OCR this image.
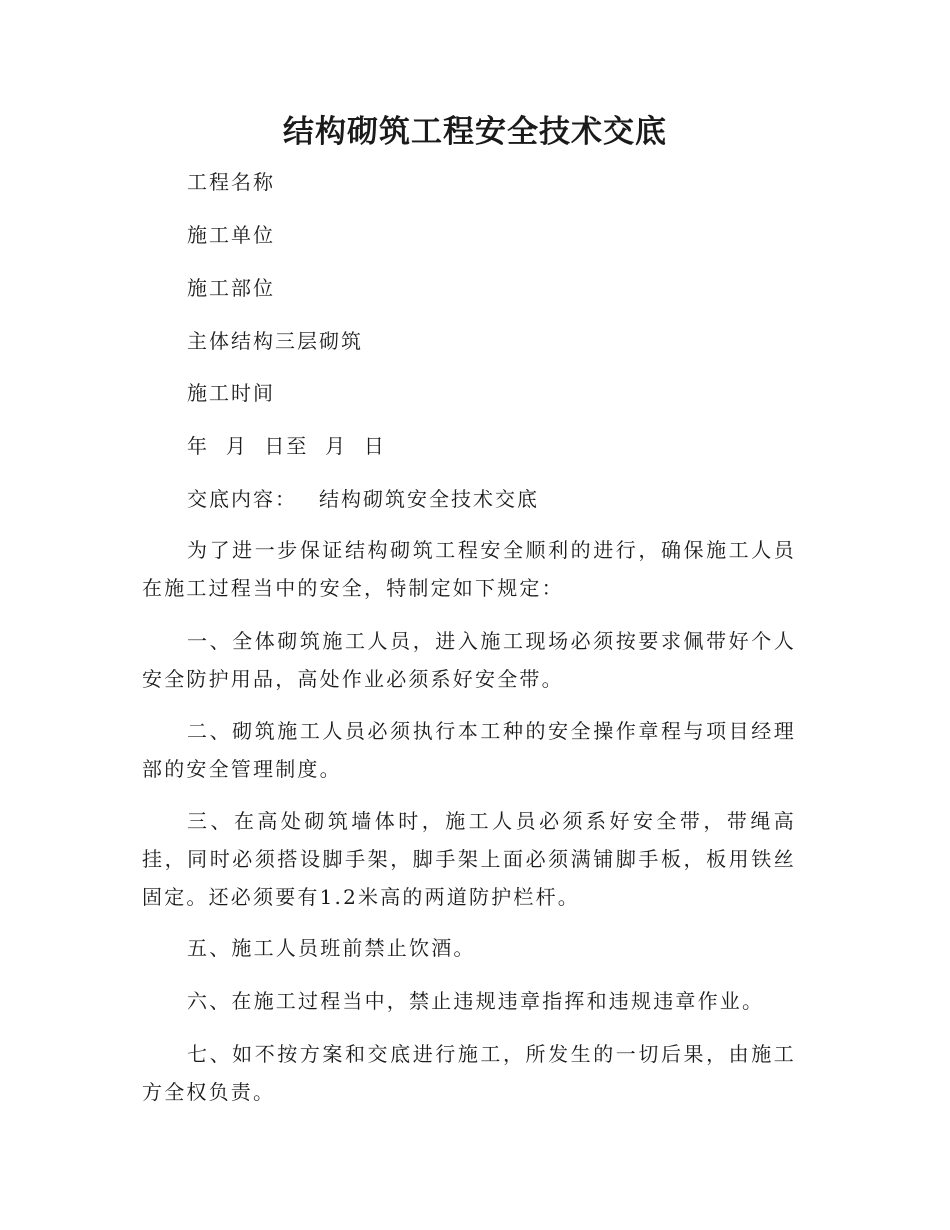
结构砌筑工程安全技术交底
工程名称
施工单位
施工部位
主体结构三层砌筑
施工时间
年  月  日至  月  日
交底内容： 结构砌筑安全技术交底
为了进一步保证结构砌筑工程安全顺利的进行，确保施工人员在施工过程当中的安全，特制定如下规定：
一、全体砌筑施工人员，进入施工现场必须按要求佩带好个人安全防护用品，高处作业必须系好安全带。
二、砌筑施工人员必须执行本工种的安全操作章程与项目经理部的安全管理制度。
三、在高处砌筑墙体时，施工人员必须系好安全带，带绳高挂，同时必须搭设脚手架，脚手架上面必须满铺脚手板，板用铁丝固定。还必须要有1.2米高的两道防护栏杆。
五、施工人员班前禁止饮酒。
六、在施工过程当中，禁止违规违章指挥和违规违章作业。
七、如不按方案和交底进行施工，所发生的一切后果，由施工方全权负责。
